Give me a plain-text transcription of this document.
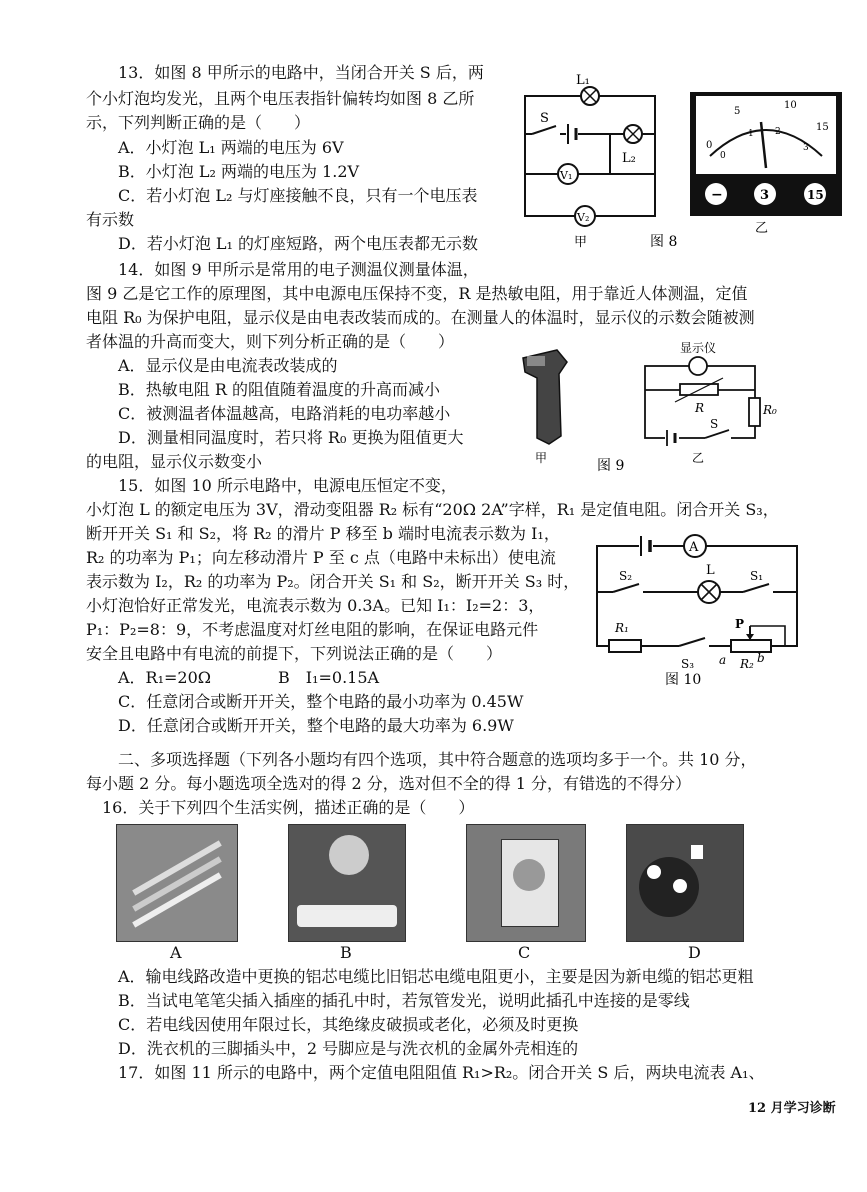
13．如图 8 甲所示的电路中，当闭合开关 S 后，两
个小灯泡均发光，且两个电压表指针偏转均如图 8 乙所
示，下列判断正确的是（　　）
A．小灯泡 L₁ 两端的电压为 6V
B．小灯泡 L₂ 两端的电压为 1.2V
C．若小灯泡 L₂ 与灯座接触不良，只有一个电压表
有示数
D．若小灯泡 L₁ 的灯座短路，两个电压表都无示数
L₁
S
L₂
V₁
V₂
甲	图 8
0
5
10
15
0
1 2
3
−	3	15
乙
14．如图 9 甲所示是常用的电子测温仪测量体温，
图 9 乙是它工作的原理图，其中电源电压保持不变，R 是热敏电阻，用于靠近人体测温，定值
电阻 R₀ 为保护电阻，显示仪是由电表改装而成的。在测量人的体温时，显示仪的示数会随被测
者体温的升高而变大，则下列分析正确的是（　　）
A．显示仪是由电流表改装成的
B．热敏电阻 R 的阻值随着温度的升高而减小
C．被测温者体温越高，电路消耗的电功率越小
D．测量相同温度时，若只将 R₀ 更换为阻值更大
的电阻，显示仪示数变小	甲	图 9
显示仪
R	R₀
S
乙
15．如图 10 所示电路中，电源电压恒定不变，
小灯泡 L 的额定电压为 3V，滑动变阻器 R₂ 标有“20Ω 2A”字样，R₁ 是定值电阻。闭合开关 S₃，
断开开关 S₁ 和 S₂，将 R₂ 的滑片 P 移至 b 端时电流表示数为 I₁，
R₂ 的功率为 P₁；向左移动滑片 P 至 c 点（电路中未标出）使电流
表示数为 I₂，R₂ 的功率为 P₂。闭合开关 S₁ 和 S₂，断开开关 S₃ 时，
小灯泡恰好正常发光，电流表示数为 0.3A。已知 I₁：I₂=2：3，
P₁：P₂=8：9，不考虑温度对灯丝电阻的影响，在保证电路元件
安全且电路中有电流的前提下，下列说法正确的是（　　）
A．R₁=20Ω	B　I₁=0.15A
C．任意闭合或断开开关，整个电路的最小功率为 0.45W
D．任意闭合或断开开关，整个电路的最大功率为 6.9W
A
S₂	L	S₁
R₁
S₃
P
a	b
R₂
图 10
二、多项选择题（下列各小题均有四个选项，其中符合题意的选项均多于一个。共 10 分，
每小题 2 分。每小题选项全选对的得 2 分，选对但不全的得 1 分，有错选的不得分）
16．关于下列四个生活实例，描述正确的是（　　）
A	B	C	D
A．输电线路改造中更换的铝芯电缆比旧铝芯电缆电阻更小，主要是因为新电缆的铝芯更粗
B．当试电笔笔尖插入插座的插孔中时，若氖管发光，说明此插孔中连接的是零线
C．若电线因使用年限过长，其绝缘皮破损或老化，必须及时更换
D．洗衣机的三脚插头中，2 号脚应是与洗衣机的金属外壳相连的
17．如图 11 所示的电路中，两个定值电阻阻值 R₁>R₂。闭合开关 S 后，两块电流表 A₁、
12 月学习诊断
